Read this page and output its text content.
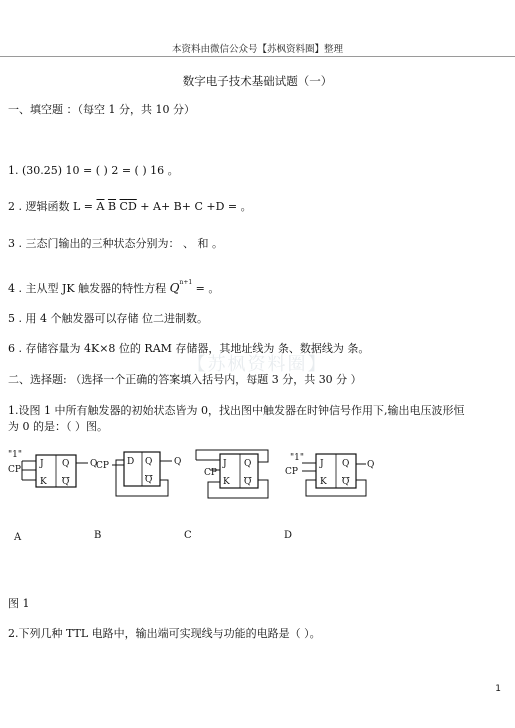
本资料由微信公众号【苏枫资料圈】整理
【苏枫资料圈】
数字电子技术基础试题（一）
一、填空题 ：（每空 1 分，共 10 分）
1. (30.25) 10 = ( ) 2 = ( ) 16 。
2 . 逻辑函数 $L = \overline{A}$ $\overline{B}$ $\overline{C}\overline{D} + A+ B+ C +D$ = 。
3 . 三态门输出的三种状态分别为： 、 和 。
4 . 主从型 JK 触发器的特性方程 $Q^{n+1}$ = 。
5 . 用 4 个触发器可以存储 位二进制数。
6 . 存储容量为 4K×8 位的 RAM 存储器，其地址线为 条、数据线为 条。
二、选择题: （选择一个正确的答案填入括号内，每题 3 分，共 30 分 ）
1.设图 1 中所有触发器的初始状态皆为 0，找出图中触发器在时钟信号作用下,输出电压波形恒
为 0 的是：（ ）图。
"1"
CP
J
K
Q
Q
Q
CP D Q
Q
Q
CP
J
K
Q
Q
"1"
CP
J
K
Q
Q
Q
A	B	C	D
图 1
2.下列几种 TTL 电路中，输出端可实现线与功能的电路是（ ）。
1
